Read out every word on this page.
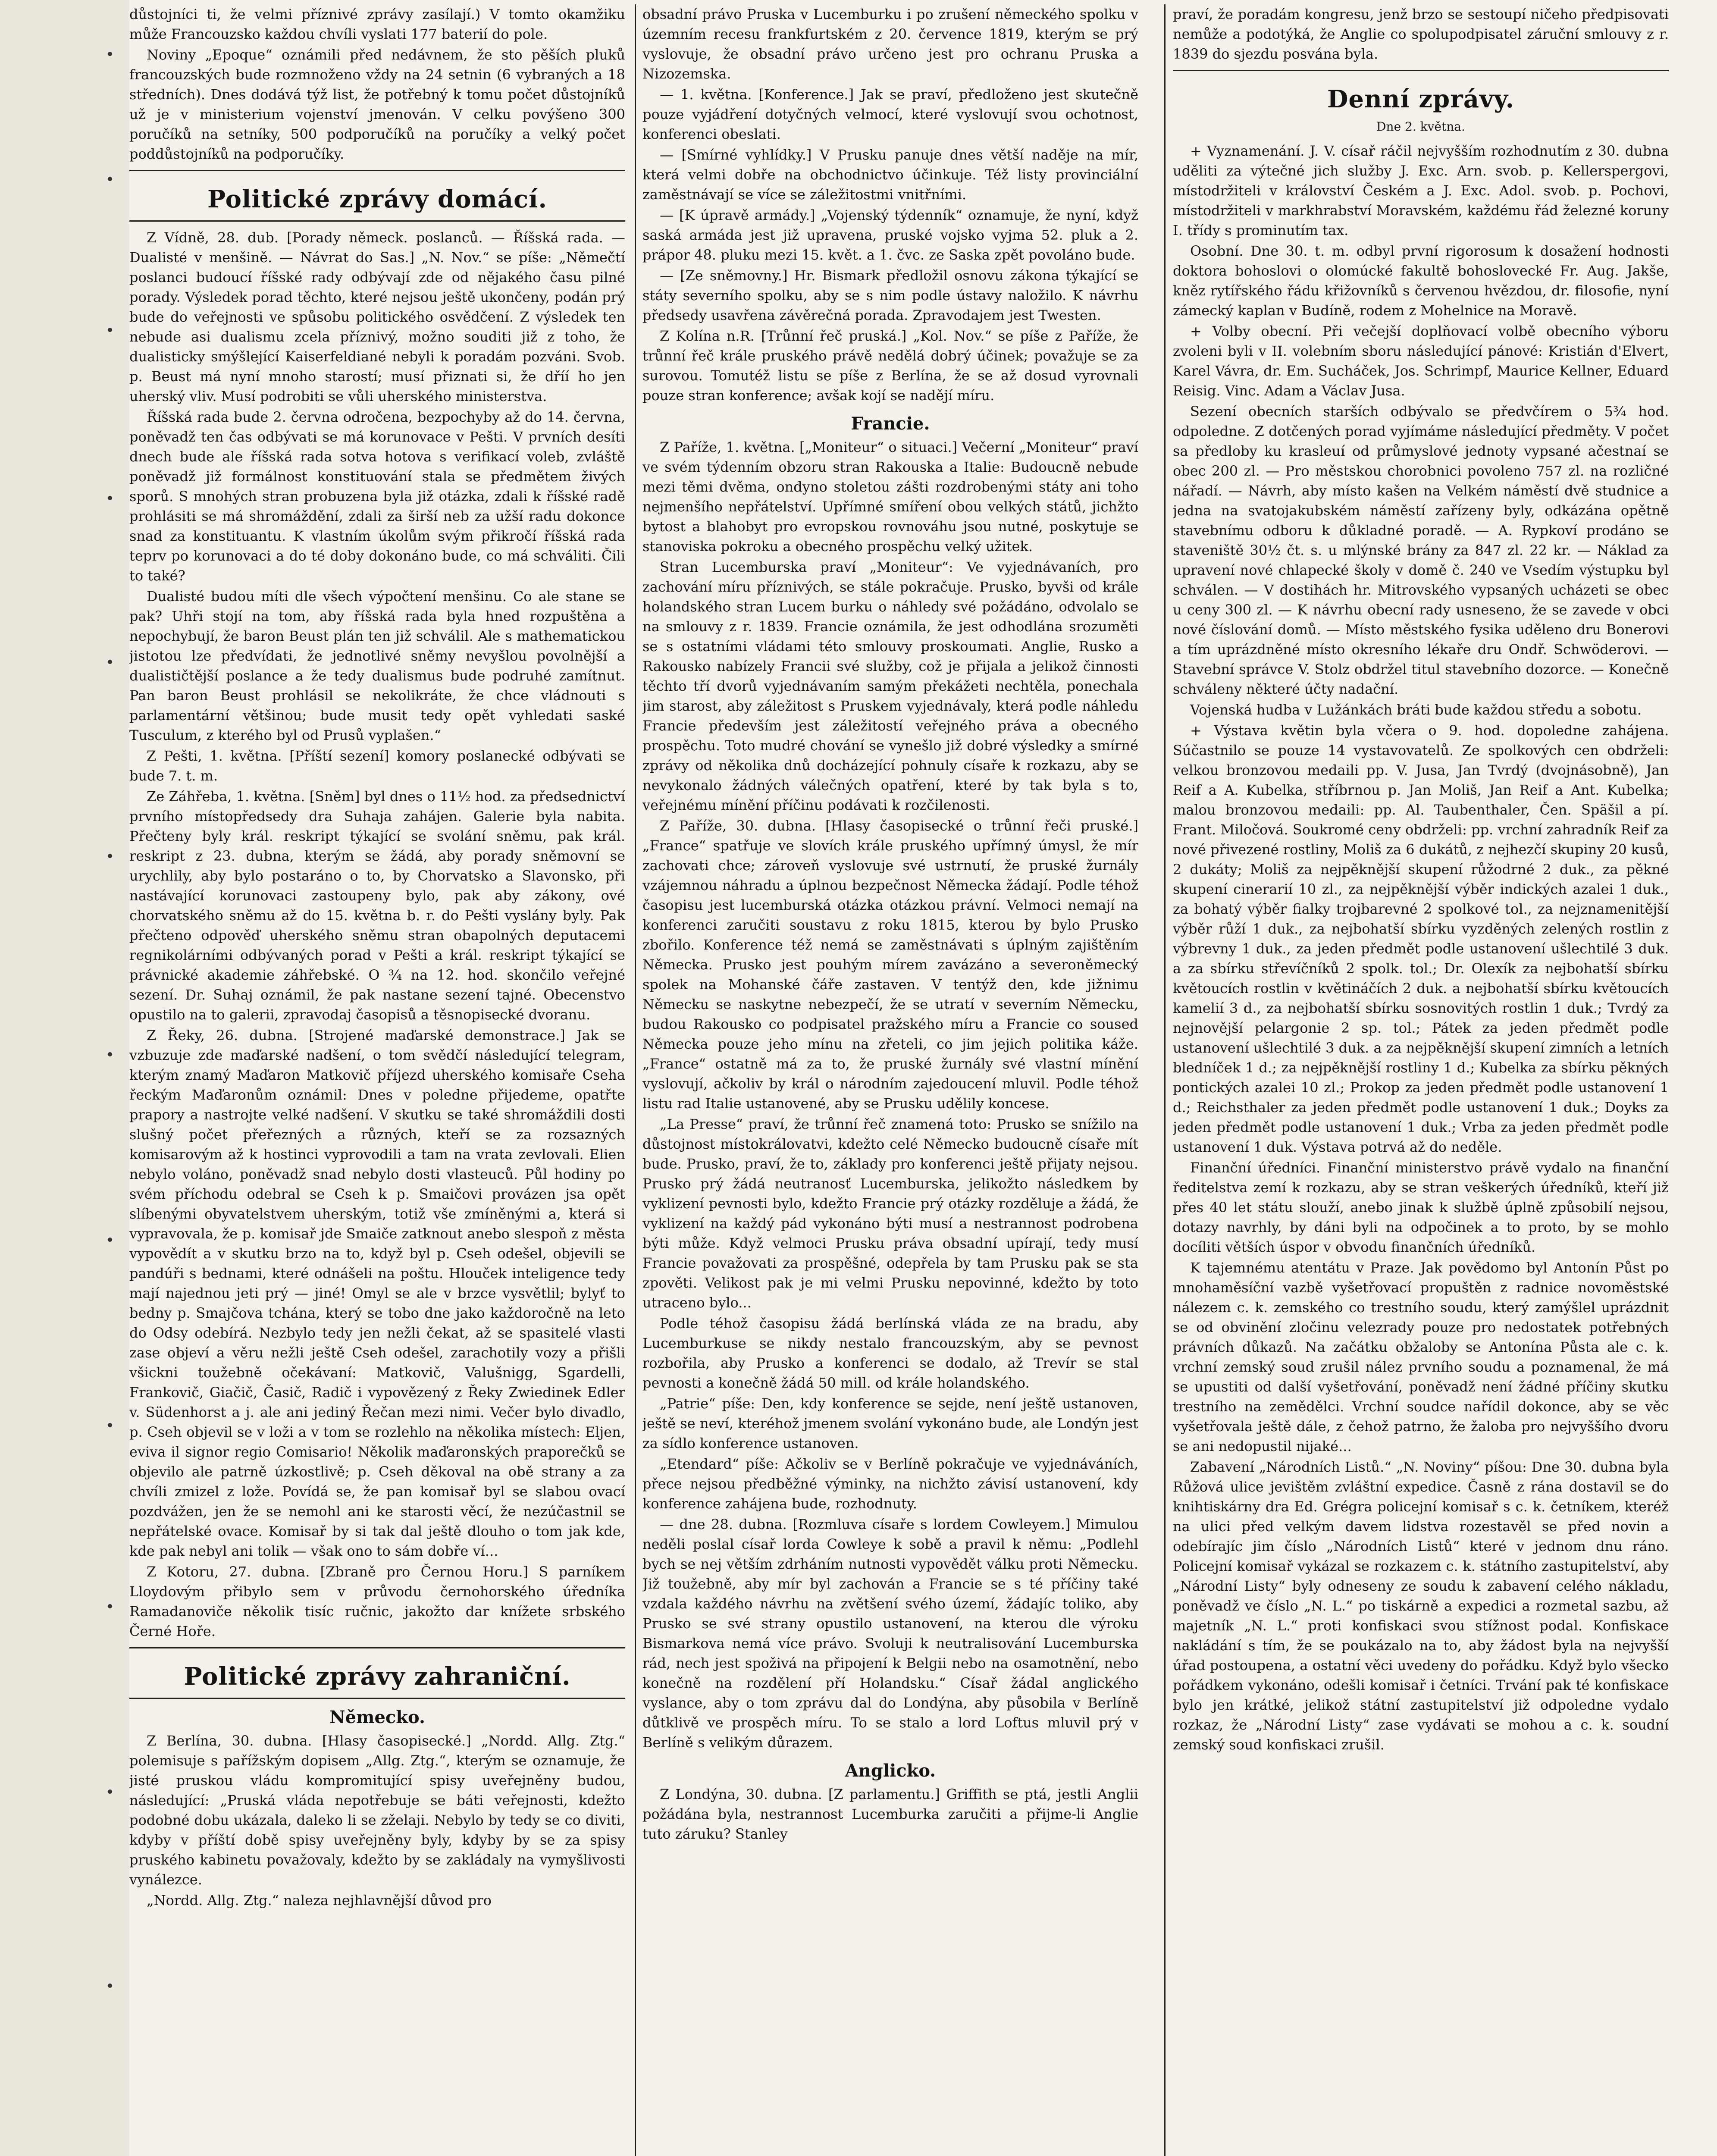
důstojníci ti, že velmi příznivé zprávy zasílají.) V tomto okamžiku může Francouzsko každou chvíli vyslati 177 baterií do pole.

Noviny „Epoque“ oznámili před nedávnem, že sto pěších pluků francouzských bude rozmnoženo vždy na 24 setnin (6 vybraných a 18 středních). Dnes dodává týž list, že potřebný k tomu počet důstojníků už je v ministerium vojenství jmenován. V celku povýšeno 300 poručíků na setníky, 500 podporučíků na poručíky a velký počet poddůstojníků na podporučíky.

Politické zprávy domácí.

Z Vídně, 28. dub. [Porady německ. poslanců. — Říšská rada. — Dualisté v menšině. — Návrat do Sas.] „N. Nov.“ se píše: „Němečtí poslanci budoucí říšské rady odbývají zde od nějakého času pilné porady. Výsledek porad těchto, které nejsou ještě ukončeny, podán prý bude do veřejnosti ve spůsobu politického osvědčení. Z výsledek ten nebude asi dualismu zcela příznivý, možno souditi již z toho, že dualisticky smýšlející Kaiserfeldiané nebyli k poradám pozváni. Svob. p. Beust má nyní mnoho starostí; musí přiznati si, že dříí ho jen uherský vliv. Musí podrobiti se vůli uherského ministerstva.

Říšská rada bude 2. června odročena, bezpochyby až do 14. června, poněvadž ten čas odbývati se má korunovace v Pešti. V prvních desíti dnech bude ale říšská rada sotva hotova s verifikací voleb, zvláště poněvadž již formálnost konstituování stala se předmětem živých sporů. S mnohých stran probuzena byla již otázka, zdali k říšské radě prohlásiti se má shromáždění, zdali za širší neb za užší radu dokonce snad za konstituantu. K vlastním úkolům svým přikročí říšská rada teprv po korunovaci a do té doby dokonáno bude, co má schváliti. Čili to také?

Dualisté budou míti dle všech výpočtení menšinu. Co ale stane se pak? Uhři stojí na tom, aby říšská rada byla hned rozpuštěna a nepochybují, že baron Beust plán ten již schválil. Ale s mathematickou jistotou lze předvídati, že jednotlivé sněmy nevyšlou povolnější a dualističtější poslance a že tedy dualismus bude podruhé zamítnut. Pan baron Beust prohlásil se nekolikráte, že chce vládnouti s parlamentární většinou; bude musit tedy opět vyhledati saské Tusculum, z kterého byl od Prusů vyplašen.“

Z Pešti, 1. května. [Příští sezení] komory poslanecké odbývati se bude 7. t. m.

Ze Záhřeba, 1. května. [Sněm] byl dnes o 11½ hod. za předsednictví prvního místopředsedy dra Suhaja zahájen. Galerie byla nabita. Přečteny byly král. reskript týkající se svolání sněmu, pak král. reskript z 23. dubna, kterým se žádá, aby porady sněmovní se urychlily, aby bylo postaráno o to, by Chorvatsko a Slavonsko, při nastávající korunovaci zastoupeny bylo, pak aby zákony, ové chorvatského sněmu až do 15. května b. r. do Pešti vyslány byly. Pak přečteno odpověď uherského sněmu stran obapolných deputacemi regnikolárními odbývaných porad v Pešti a král. reskript týkající se právnické akademie záhřebské. O ¾ na 12. hod. skončilo veřejné sezení. Dr. Suhaj oznámil, že pak nastane sezení tajné. Obecenstvo opustilo na to galerii, zpravodaj časopisů a těsnopisecké dvoranu.

Z Řeky, 26. dubna. [Strojené maďarské demonstrace.] Jak se vzbuzuje zde maďarské nadšení, o tom svědčí následující telegram, kterým znamý Maďaron Matkovič příjezd uherského komisaře Cseha řeckým Maďaronům oznámil: Dnes v poledne přijedeme, opatřte prapory a nastrojte velké nadšení. V skutku se také shromáždili dosti slušný počet přeřezných a různých, kteří se za rozsazných komisarovým až k hostinci vyprovodili a tam na vrata zevlovali. Elien nebylo voláno, poněvadž snad nebylo dosti vlasteuců. Půl hodiny po svém příchodu odebral se Cseh k p. Smaičovi provázen jsa opět slíbenými obyvatelstvem uherským, totiž vše zmíněnými a, která si vypravovala, že p. komisař jde Smaiče zatknout anebo slespoň z města vypovědít a v skutku brzo na to, když byl p. Cseh odešel, objevili se pandúři s bednami, které odnášeli na poštu. Hlouček inteligence tedy mají najednou jeti prý — jiné! Omyl se ale v brzce vysvětlil; bylyť to bedny p. Smajčova tchána, který se tobo dne jako každoročně na leto do Odsy odebírá. Nezbylo tedy jen nežli čekat, až se spasitelé vlasti zase objeví a věru nežli ještě Cseh odešel, zarachotily vozy a přišli všickni toužebně očekávaní: Matkovič, Valušnigg, Sgardelli, Frankovič, Giačič, Časič, Radič i vypovězený z Řeky Zwiedinek Edler v. Südenhorst a j. ale ani jediný Řečan mezi nimi. Večer bylo divadlo, p. Cseh objevil se v loži a v tom se rozlehlo na několika místech: Eljen, eviva il signor regio Comisario! Několik maďaronských praporečků se objevilo ale patrně úzkostlivě; p. Cseh děkoval na obě strany a za chvíli zmizel z lože. Povídá se, že pan komisař byl se slabou ovací pozdvážen, jen že se nemohl ani ke starosti věcí, že nezúčastnil se nepřátelské ovace. Komisař by si tak dal ještě dlouho o tom jak kde, kde pak nebyl ani tolik — však ono to sám dobře ví...

Z Kotoru, 27. dubna. [Zbraně pro Černou Horu.] S parníkem Lloydovým přibylo sem v průvodu černohorského úředníka Ramadanoviče několik tisíc ručnic, jakožto dar knížete srbského Černé Hoře.

Politické zprávy zahraniční.
Německo.

Z Berlína, 30. dubna. [Hlasy časopisecké.] „Nordd. Allg. Ztg.“ polemisuje s pařížským dopisem „Allg. Ztg.“, kterým se oznamuje, že jisté pruskou vládu kompromitující spisy uveřejněny budou, následující: „Pruská vláda nepotřebuje se báti veřejnosti, kdežto podobné dobu ukázala, daleko li se zželaji. Nebylo by tedy se co diviti, kdyby v příští době spisy uveřejněny byly, kdyby by se za spisy pruského kabinetu považovaly, kdežto by se zakládaly na vymyšlivosti vynálezce.

„Nordd. Allg. Ztg.“ naleza nejhlavnější důvod pro

obsadní právo Pruska v Lucemburku i po zrušení německého spolku v územním recesu frankfurtském z 20. července 1819, kterým se prý vyslovuje, že obsadní právo určeno jest pro ochranu Pruska a Nizozemska.

— 1. května. [Konference.] Jak se praví, předloženo jest skutečně pouze vyjádření dotyčných velmocí, které vyslovují svou ochotnost, konferenci obeslati.

— [Smírné vyhlídky.] V Prusku panuje dnes větší naděje na mír, která velmi dobře na obchodnictvo účinkuje. Též listy provinciální zaměstnávají se více se záležitostmi vnitřními.

— [K úpravě armády.] „Vojenský týdenník“ oznamuje, že nyní, když saská armáda jest již upravena, pruské vojsko vyjma 52. pluk a 2. prápor 48. pluku mezi 15. květ. a 1. čvc. ze Saska zpět povoláno bude.

— [Ze sněmovny.] Hr. Bismark předložil osnovu zákona týkající se státy severního spolku, aby se s nim podle ústavy naložilo. K návrhu předsedy usavřena závěrečná porada. Zpravodajem jest Twesten.

Z Kolína n.R. [Trůnní řeč pruská.] „Kol. Nov.“ se píše z Paříže, že trůnní řeč krále pruského právě nedělá dobrý účinek; považuje se za surovou. Tomutéž listu se píše z Berlína, že se až dosud vyrovnali pouze stran konference; avšak kojí se nadějí míru.

Francie.

Z Paříže, 1. května. [„Moniteur“ o situaci.] Večerní „Moniteur“ praví ve svém týdenním obzoru stran Rakouska a Italie: Budoucně nebude mezi těmi dvěma, ondyno stoletou zášti rozdrobenými státy ani toho nejmenšího nepřátelství. Upřímné smíření obou velkých států, jichžto bytost a blahobyt pro evropskou rovnováhu jsou nutné, poskytuje se stanoviska pokroku a obecného prospěchu velký užitek.

Stran Lucemburska praví „Moniteur“: Ve vyjednávaních, pro zachování míru příznivých, se stále pokračuje. Prusko, byvši od krále holandského stran Lucem burku o náhledy své požádáno, odvolalo se na smlouvy z r. 1839. Francie oznámila, že jest odhodlána srozuměti se s ostatními vládami této smlouvy proskoumati. Anglie, Rusko a Rakousko nabízely Francii své služby, což je přijala a jelikož činnosti těchto tří dvorů vyjednávaním samým překážeti nechtěla, ponechala jim starost, aby záležitost s Pruskem vyjednávaly, která podle náhledu Francie především jest záležitostí veřejného práva a obecného prospěchu. Toto mudré chování se vynešlo již dobré výsledky a smírné zprávy od několika dnů docházející pohnuly císaře k rozkazu, aby se nevykonalo žádných válečných opatření, které by tak byla s to, veřejnému mínění příčinu podávati k rozčilenosti.

Z Paříže, 30. dubna. [Hlasy časopisecké o trůnní řeči pruské.] „France“ spatřuje ve slovích krále pruského upřímný úmysl, že mír zachovati chce; zároveň vyslovuje své ustrnutí, že pruské žurnály vzájemnou náhradu a úplnou bezpečnost Německa žádají. Podle téhož časopisu jest lucemburská otázka otázkou právní. Velmoci nemají na konferenci zaručiti soustavu z roku 1815, kterou by bylo Prusko zbořilo. Konference též nemá se zaměstnávati s úplným zajištěním Německa. Prusko jest pouhým mírem zavázáno a severoněmecký spolek na Mohanské čáře zastaven. V tentýž den, kde jižnimu Německu se naskytne nebezpečí, že se utratí v severním Německu, budou Rakousko co podpisatel pražského míru a Francie co soused Německa pouze jeho mínu na zřeteli, co jim jejich politika káže. „France“ ostatně má za to, že pruské žurnály své vlastní mínění vyslovují, ačkoliv by král o národním zajedoucení mluvil. Podle téhož listu rad Italie ustanovené, aby se Prusku udělily koncese.

„La Presse“ praví, že trůnní řeč znamená toto: Prusko se snížilo na důstojnost místokrálovatvi, kdežto celé Německo budoucně císaře mít bude. Prusko, praví, že to, základy pro konferenci ještě přijaty nejsou. Prusko prý žádá neutranosť Lucemburska, jelikožto následkem by vyklizení pevnosti bylo, kdežto Francie prý otázky rozděluje a žádá, že vyklizení na každý pád vykonáno býti musí a nestrannost podrobena býti může. Když velmoci Prusku práva obsadní upírají, tedy musí Francie považovati za prospěšné, odepřela by tam Prusku pak se sta zpověti. Velikost pak je mi velmi Prusku nepovinné, kdežto by toto utraceno bylo...

Podle téhož časopisu žádá berlínská vláda ze na bradu, aby Lucemburkuse se nikdy nestalo francouzským, aby se pevnost rozbořila, aby Prusko a konferenci se dodalo, až Trevír se stal pevnosti a konečně žádá 50 mill. od krále holandského.

„Patrie“ píše: Den, kdy konference se sejde, není ještě ustanoven, ještě se neví, kteréhož jmenem svolání vykonáno bude, ale Londýn jest za sídlo konference ustanoven.

„Etendard“ píše: Ačkoliv se v Berlíně pokračuje ve vyjednáváních, přece nejsou předběžné výminky, na nichžto závisí ustanovení, kdy konference zahájena bude, rozhodnuty.

— dne 28. dubna. [Rozmluva císaře s lordem Cowleyem.] Mimulou neděli poslal císař lorda Cowleye k sobě a pravil k němu: „Podlehl bych se nej větším zdrháním nutnosti vypovědět válku proti Německu. Již toužebně, aby mír byl zachován a Francie se s té příčiny také vzdala každého návrhu na zvětšení svého území, žádajíc toliko, aby Prusko se své strany opustilo ustanovení, na kterou dle výroku Bismarkova nemá více právo. Svoluji k neutralisování Lucemburska rád, nech jest spoživá na připojení k Belgii nebo na osamotnění, nebo konečně na rozdělení pří Holandsku.“ Císař žádal anglického vyslance, aby o tom zprávu dal do Londýna, aby působila v Berlíně důtklivě ve prospěch míru. To se stalo a lord Loftus mluvil prý v Berlíně s velikým důrazem.

Anglicko.

Z Londýna, 30. dubna. [Z parlamentu.] Griffith se ptá, jestli Anglii požádána byla, nestrannost Lucemburka zaručiti a přijme-li Anglie tuto záruku? Stanley

praví, že poradám kongresu, jenž brzo se sestoupí ničeho předpisovati nemůže a podotýká, že Anglie co spolupodpisatel záruční smlouvy z r. 1839 do sjezdu posvána byla.

Denní zprávy.
Dne 2. května.

+ Vyznamenání. J. V. císař ráčil nejvyšším rozhodnutím z 30. dubna uděliti za výtečné jich služby J. Exc. Arn. svob. p. Kellerspergovi, místodržiteli v království Českém a J. Exc. Adol. svob. p. Pochovi, místodržiteli v markhrabství Moravském, každému řád železné koruny I. třídy s prominutím tax.

Osobní. Dne 30. t. m. odbyl první rigorosum k dosažení hodnosti doktora bohoslovi o olomúcké fakultě bohoslovecké Fr. Aug. Jakše, kněz rytířského řádu křižovníků s červenou hvězdou, dr. filosofie, nyní zámecký kaplan v Budíně, rodem z Mohelnice na Moravě.

+ Volby obecní. Při večejší doplňovací volbě obecního výboru zvoleni byli v II. volebním sboru následující pánové: Kristián d'Elvert, Karel Vávra, dr. Em. Sucháček, Jos. Schrimpf, Maurice Kellner, Eduard Reisig. Vinc. Adam a Václav Jusa.

Sezení obecních starších odbývalo se předvčírem o 5¾ hod. odpoledne. Z dotčených porad vyjímáme následující předměty. V počet sa předloby ku krasleuí od průmyslové jednoty vypsané ačestnaí se obec 200 zl. — Pro městskou chorobnici povoleno 757 zl. na rozličné nářadí. — Návrh, aby místo kašen na Velkém náměstí dvě studnice a jedna na svatojakubském náměstí zařízeny byly, odkázána opětně stavebnímu odboru k důkladné poradě. — A. Rypkoví prodáno se staveniště 30½ čt. s. u mlýnské brány za 847 zl. 22 kr. — Náklad za upravení nové chlapecké školy v domě č. 240 ve Vsedím výstupku byl schválen. — V dostihách hr. Mitrovského vypsaných ucházeti se obec u ceny 300 zl. — K návrhu obecní rady usneseno, že se zavede v obci nové číslování domů. — Místo městského fysika uděleno dru Bonerovi a tím uprázdněné místo okresního lékaře dru Ondř. Schwöderovi. — Stavební správce V. Stolz obdržel titul stavebního dozorce. — Konečně schváleny některé účty nadační.

Vojenská hudba v Lužánkách bráti bude každou středu a sobotu.

+ Výstava květin byla včera o 9. hod. dopoledne zahájena. Súčastnilo se pouze 14 vystavovatelů. Ze spolkových cen obdrželi: velkou bronzovou medaili pp. V. Jusa, Jan Tvrdý (dvojnásobně), Jan Reif a A. Kubelka, stříbrnou p. Jan Moliš, Jan Reif a Ant. Kubelka; malou bronzovou medaili: pp. Al. Taubenthaler, Čen. Späšil a pí. Frant. Miločová. Soukromé ceny obdrželi: pp. vrchní zahradník Reif za nové přivezené rostliny, Moliš za 6 dukátů, z nejhezčí skupiny 20 kusů, 2 dukáty; Moliš za nejpěknější skupení růžodrné 2 duk., za pěkné skupení cinerarií 10 zl., za nejpěknější výběr indických azalei 1 duk., za bohatý výběr fialky trojbarevné 2 spolkové tol., za nejznamenitější výběr růží 1 duk., za nejbohatší sbírku vyzděných zelených rostlin z výbrevny 1 duk., za jeden předmět podle ustanovení ušlechtilé 3 duk. a za sbírku střevíčníků 2 spolk. tol.; Dr. Olexík za nejbohatší sbírku květoucích rostlin v květináčích 2 duk. a nejbohatší sbírku květoucích kamelií 3 d., za nejbohatší sbírku sosnovitých rostlin 1 duk.; Tvrdý za nejnovější pelargonie 2 sp. tol.; Pátek za jeden předmět podle ustanovení ušlechtilé 3 duk. a za nejpěknější skupení zimních a letních bledníček 1 d.; za nejpěknější rostliny 1 d.; Kubelka za sbírku pěkných pontických azalei 10 zl.; Prokop za jeden předmět podle ustanovení 1 d.; Reichsthaler za jeden předmět podle ustanovení 1 duk.; Doyks za jeden předmět podle ustanovení 1 duk.; Vrba za jeden předmět podle ustanovení 1 duk. Výstava potrvá až do neděle.

Finanční úředníci. Finanční ministerstvo právě vydalo na finanční ředitelstva zemí k rozkazu, aby se stran veškerých úředníků, kteří již přes 40 let státu slouží, anebo jinak k službě úplně způsobilí nejsou, dotazy navrhly, by dáni byli na odpočinek a to proto, by se mohlo docíliti větších úspor v obvodu finančních úředníků.

K tajemnému atentátu v Praze. Jak povědomo byl Antonín Půst po mnohaměsíční vazbě vyšetřovací propuštěn z radnice novoměstské nálezem c. k. zemského co trestního soudu, který zamýšlel uprázdnit se od obvinění zločinu velezrady pouze pro nedostatek potřebných právních důkazů. Na začátku obžaloby se Antonína Půsta ale c. k. vrchní zemský soud zrušil nález prvního soudu a poznamenal, že má se upustiti od další vyšetřování, poněvadž není žádné příčiny skutku trestního na zemědělci. Vrchní soudce nařídil dokonce, aby se věc vyšetřovala ještě dále, z čehož patrno, že žaloba pro nejvyššího dvoru se ani nedopustil nijaké...

Zabavení „Národních Listů.“ „N. Noviny“ píšou: Dne 30. dubna byla Růžová ulice jevištěm zvláštní expedice. Časně z rána dostavil se do knihtiskárny dra Ed. Grégra policejní komisař s c. k. četníkem, kteréž na ulici před velkým davem lidstva rozestavěl se před novin a odebírajíc jim číslo „Národních Listů“ které v jednom dnu ráno. Policejní komisař vykázal se rozkazem c. k. státního zastupitelství, aby „Národní Listy“ byly odneseny ze soudu k zabavení celého nákladu, poněvadž ve číslo „N. L.“ po tiskárně a expedici a rozmetal sazbu, až majetník „N. L.“ proti konfiskaci svou stížnost podal. Konfiskace nakládání s tím, že se poukázalo na to, aby žádost byla na nejvyšší úřad postoupena, a ostatní věci uvedeny do pořádku. Když bylo všecko pořádkem vykonáno, odešli komisař i četníci. Trvání pak té konfiskace bylo jen krátké, jelikož státní zastupitelství již odpoledne vydalo rozkaz, že „Národní Listy“ zase vydávati se mohou a c. k. soudní zemský soud konfiskaci zrušil.
